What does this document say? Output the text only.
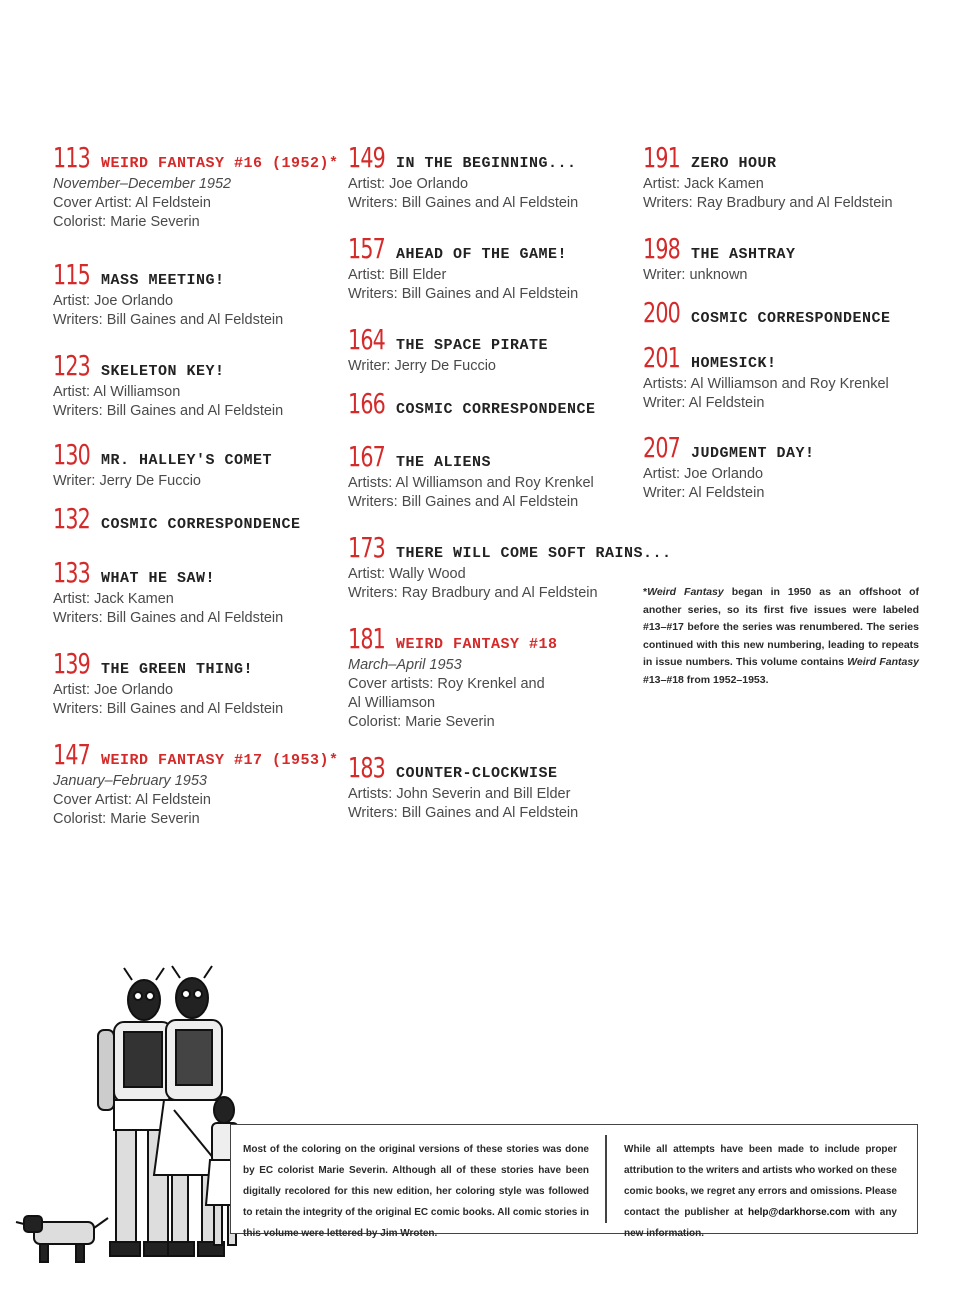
113 WEIRD FANTASY #16 (1952)*
November–December 1952
Cover Artist: Al Feldstein
Colorist: Marie Severin
115 MASS MEETING!
Artist: Joe Orlando
Writers: Bill Gaines and Al Feldstein
123 SKELETON KEY!
Artist: Al Williamson
Writers: Bill Gaines and Al Feldstein
130 MR. HALLEY'S COMET
Writer: Jerry De Fuccio
132 COSMIC CORRESPONDENCE
133 WHAT HE SAW!
Artist: Jack Kamen
Writers: Bill Gaines and Al Feldstein
139 THE GREEN THING!
Artist: Joe Orlando
Writers: Bill Gaines and Al Feldstein
147 WEIRD FANTASY #17 (1953)*
January–February 1953
Cover Artist: Al Feldstein
Colorist: Marie Severin
149 IN THE BEGINNING...
Artist: Joe Orlando
Writers: Bill Gaines and Al Feldstein
157 AHEAD OF THE GAME!
Artist: Bill Elder
Writers: Bill Gaines and Al Feldstein
164 THE SPACE PIRATE
Writer: Jerry De Fuccio
166 COSMIC CORRESPONDENCE
167 THE ALIENS
Artists: Al Williamson and Roy Krenkel
Writers: Bill Gaines and Al Feldstein
173 THERE WILL COME SOFT RAINS...
Artist: Wally Wood
Writers: Ray Bradbury and Al Feldstein
181 WEIRD FANTASY #18
March–April 1953
Cover artists: Roy Krenkel and
Al Williamson
Colorist: Marie Severin
183 COUNTER-CLOCKWISE
Artists: John Severin and Bill Elder
Writers: Bill Gaines and Al Feldstein
191 ZERO HOUR
Artist: Jack Kamen
Writers: Ray Bradbury and Al Feldstein
198 THE ASHTRAY
Writer: unknown
200 COSMIC CORRESPONDENCE
201 HOMESICK!
Artists: Al Williamson and Roy Krenkel
Writer: Al Feldstein
207 JUDGMENT DAY!
Artist: Joe Orlando
Writer: Al Feldstein
*Weird Fantasy began in 1950 as an offshoot of another series, so its first five issues were labeled #13–#17 before the series was renumbered. The series continued with this new numbering, leading to repeats in issue numbers. This volume contains Weird Fantasy #13–#18 from 1952–1953.
Most of the coloring on the original versions of these stories was done by EC colorist Marie Severin. Although all of these stories have been digitally recolored for this new edition, her coloring style was followed to retain the integrity of the original EC comic books. All comic stories in this volume were lettered by Jim Wroten.
While all attempts have been made to include proper attribution to the writers and artists who worked on these comic books, we regret any errors and omissions. Please contact the publisher at help@darkhorse.com with any new information.
